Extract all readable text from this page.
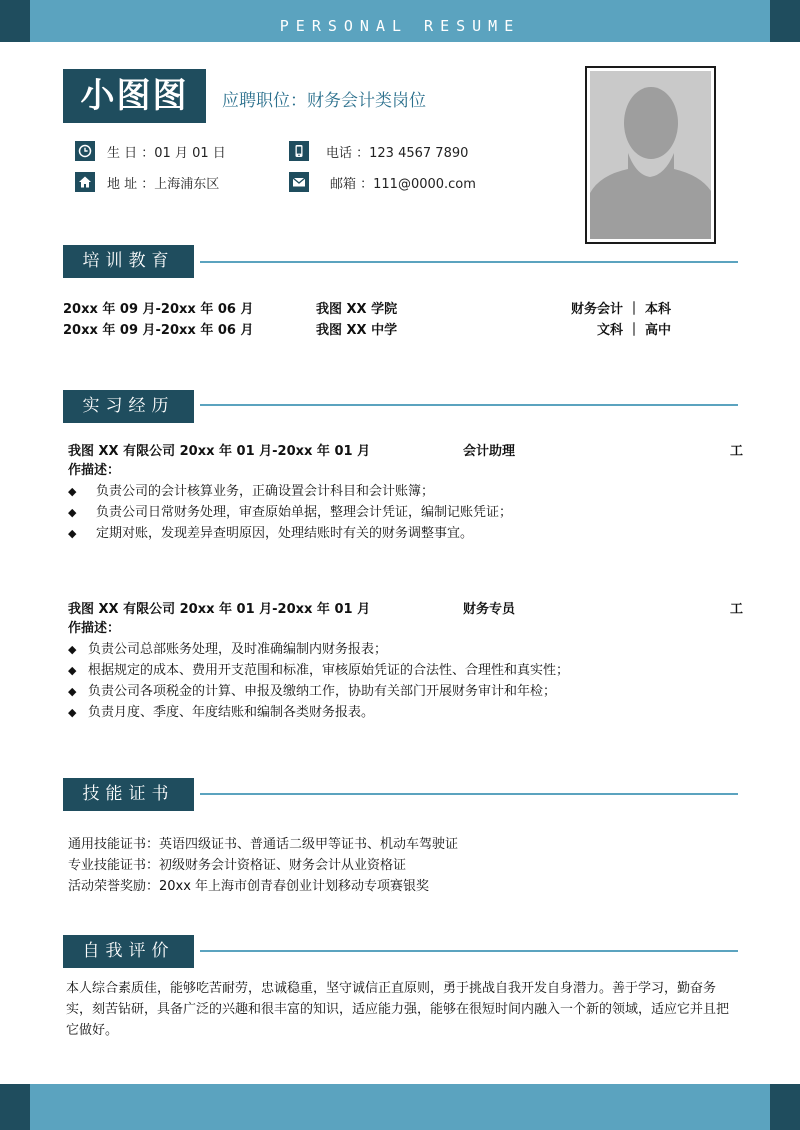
PERSONAL RESUME
小图图	应聘职位：财务会计类岗位
生 日 ：01 月 01 日	电话 ：123 4567 7890
地 址 ：上海浦东区	邮箱 ：111@0000.com
培训教育
20xx 年 09 月-20xx 年 06 月	我图 XX 学院	财务会计 ｜ 本科
20xx 年 09 月-20xx 年 06 月	我图 XX 中学	文科 ｜ 高中
实习经历
我图 XX 有限公司 20xx 年 01 月-20xx 年 01 月	会计助理	工
作描述：
◆ 负责公司的会计核算业务，正确设置会计科目和会计账簿；
◆ 负责公司日常财务处理，审查原始单据，整理会计凭证，编制记账凭证；
◆ 定期对账，发现差异查明原因，处理结账时有关的财务调整事宜。
我图 XX 有限公司 20xx 年 01 月-20xx 年 01 月	财务专员	工
作描述：
◆ 负责公司总部账务处理，及时准确编制内财务报表；
◆ 根据规定的成本、费用开支范围和标准，审核原始凭证的合法性、合理性和真实性；
◆ 负责公司各项税金的计算、申报及缴纳工作，协助有关部门开展财务审计和年检；
◆ 负责月度、季度、年度结账和编制各类财务报表。
技能证书
通用技能证书：英语四级证书、普通话二级甲等证书、机动车驾驶证
专业技能证书：初级财务会计资格证、财务会计从业资格证
活动荣誉奖励：20xx 年上海市创青春创业计划移动专项赛银奖
自我评价
本人综合素质佳，能够吃苦耐劳，忠诚稳重，坚守诚信正直原则，勇于挑战自我开发自身潜力。善于学习，勤奋务实，刻苦钻研，具备广泛的兴趣和很丰富的知识，适应能力强，能够在很短时间内融入一个新的领域，适应它并且把它做好。
